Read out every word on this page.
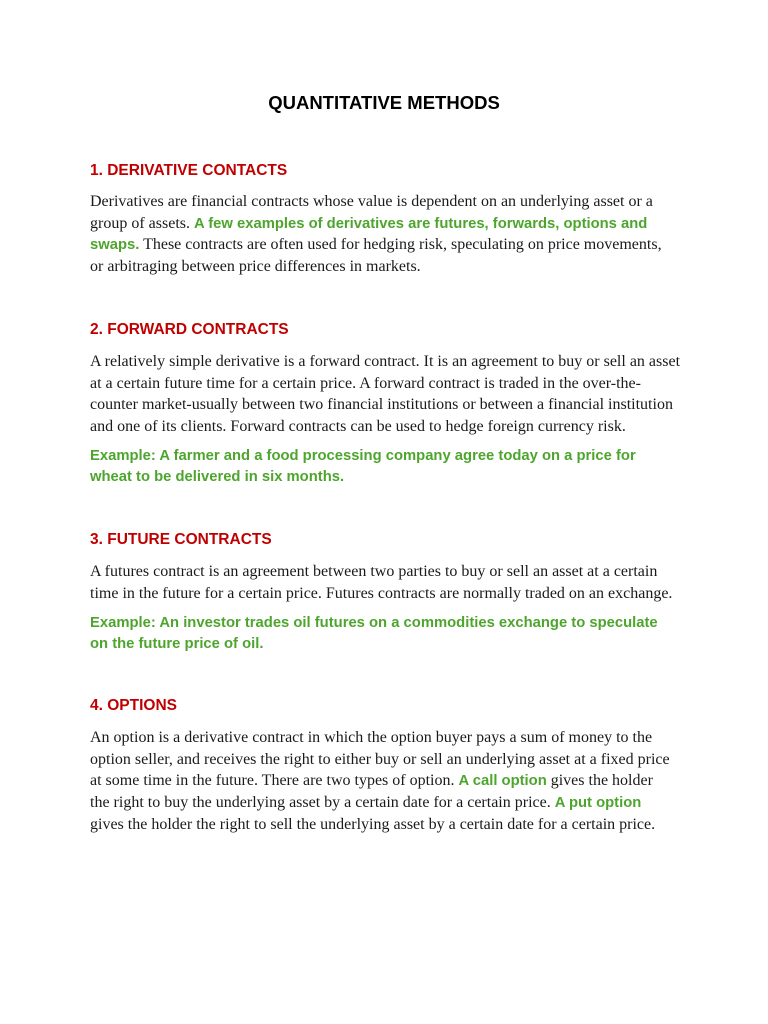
QUANTITATIVE METHODS
1. DERIVATIVE CONTACTS
Derivatives are financial contracts whose value is dependent on an underlying asset or a
group of assets. A few examples of derivatives are futures, forwards, options and
swaps. These contracts are often used for hedging risk, speculating on price movements,
or arbitraging between price differences in markets.
2. FORWARD CONTRACTS
A relatively simple derivative is a forward contract. It is an agreement to buy or sell an asset
at a certain future time for a certain price. A forward contract is traded in the over-the-
counter market-usually between two financial institutions or between a financial institution
and one of its clients. Forward contracts can be used to hedge foreign currency risk.
Example: A farmer and a food processing company agree today on a price for
wheat to be delivered in six months.
3. FUTURE CONTRACTS
A futures contract is an agreement between two parties to buy or sell an asset at a certain
time in the future for a certain price. Futures contracts are normally traded on an exchange.
Example: An investor trades oil futures on a commodities exchange to speculate
on the future price of oil.
4. OPTIONS
An option is a derivative contract in which the option buyer pays a sum of money to the
option seller, and receives the right to either buy or sell an underlying asset at a fixed price
at some time in the future. There are two types of option. A call option gives the holder
the right to buy the underlying asset by a certain date for a certain price. A put option
gives the holder the right to sell the underlying asset by a certain date for a certain price.
